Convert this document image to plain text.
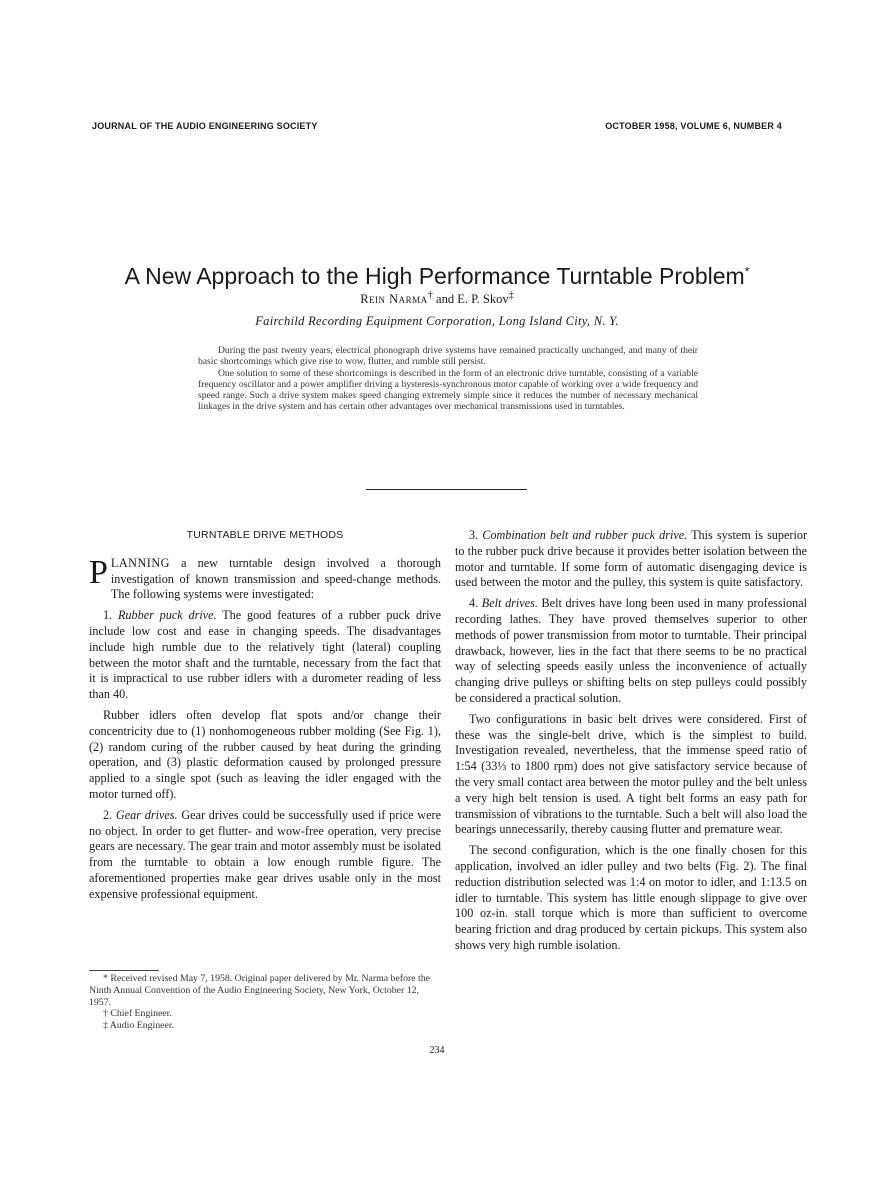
JOURNAL OF THE AUDIO ENGINEERING SOCIETY	OCTOBER 1958, VOLUME 6, NUMBER 4
A New Approach to the High Performance Turntable Problem*
Rein Narma† and E. P. Skov‡
Fairchild Recording Equipment Corporation, Long Island City, N. Y.

During the past twenty years, electrical phonograph drive systems have remained practically unchanged, and many of their basic shortcomings which give rise to wow, flutter, and rumble still persist.

One solution to some of these shortcomings is described in the form of an electronic drive turntable, consisting of a variable frequency oscillator and a power amplifier driving a hysteresis-synchronous motor capable of working over a wide frequency and speed range. Such a drive system makes speed changing extremely simple since it reduces the number of necessary mechanical linkages in the drive system and has certain other advantages over mechanical transmissions used in turntables.

TURNTABLE DRIVE METHODS

PLANNING a new turntable design involved a thorough investigation of known transmission and speed-change methods. The following systems were investigated:

1. Rubber puck drive. The good features of a rubber puck drive include low cost and ease in changing speeds. The disadvantages include high rumble due to the relatively tight (lateral) coupling between the motor shaft and the turntable, necessary from the fact that it is impractical to use rubber idlers with a durometer reading of less than 40.

Rubber idlers often develop flat spots and/or change their concentricity due to (1) nonhomogeneous rubber molding (See Fig. 1), (2) random curing of the rubber caused by heat during the grinding operation, and (3) plastic deformation caused by prolonged pressure applied to a single spot (such as leaving the idler engaged with the motor turned off).

2. Gear drives. Gear drives could be successfully used if price were no object. In order to get flutter- and wow-free operation, very precise gears are necessary. The gear train and motor assembly must be isolated from the turntable to obtain a low enough rumble figure. The aforementioned properties make gear drives usable only in the most expensive professional equipment.

3. Combination belt and rubber puck drive. This system is superior to the rubber puck drive because it provides better isolation between the motor and turntable. If some form of automatic disengaging device is used between the motor and the pulley, this system is quite satisfactory.

4. Belt drives. Belt drives have long been used in many professional recording lathes. They have proved themselves superior to other methods of power transmission from motor to turntable. Their principal drawback, however, lies in the fact that there seems to be no practical way of selecting speeds easily unless the inconvenience of actually changing drive pulleys or shifting belts on step pulleys could possibly be considered a practical solution.

Two configurations in basic belt drives were considered. First of these was the single-belt drive, which is the simplest to build. Investigation revealed, nevertheless, that the immense speed ratio of 1:54 (33⅓ to 1800 rpm) does not give satisfactory service because of the very small contact area between the motor pulley and the belt unless a very high belt tension is used. A tight belt forms an easy path for transmission of vibrations to the turntable. Such a belt will also load the bearings unnecessarily, thereby causing flutter and premature wear.

The second configuration, which is the one finally chosen for this application, involved an idler pulley and two belts (Fig. 2). The final reduction distribution selected was 1:4 on motor to idler, and 1:13.5 on idler to turntable. This system has little enough slippage to give over 100 oz-in. stall torque which is more than sufficient to overcome bearing friction and drag produced by certain pickups. This system also shows very high rumble isolation.

* Received revised May 7, 1958. Original paper delivered by Mr. Narma before the Ninth Annual Convention of the Audio Engineering Society, New York, October 12, 1957.

† Chief Engineer.

‡ Audio Engineer.

234
